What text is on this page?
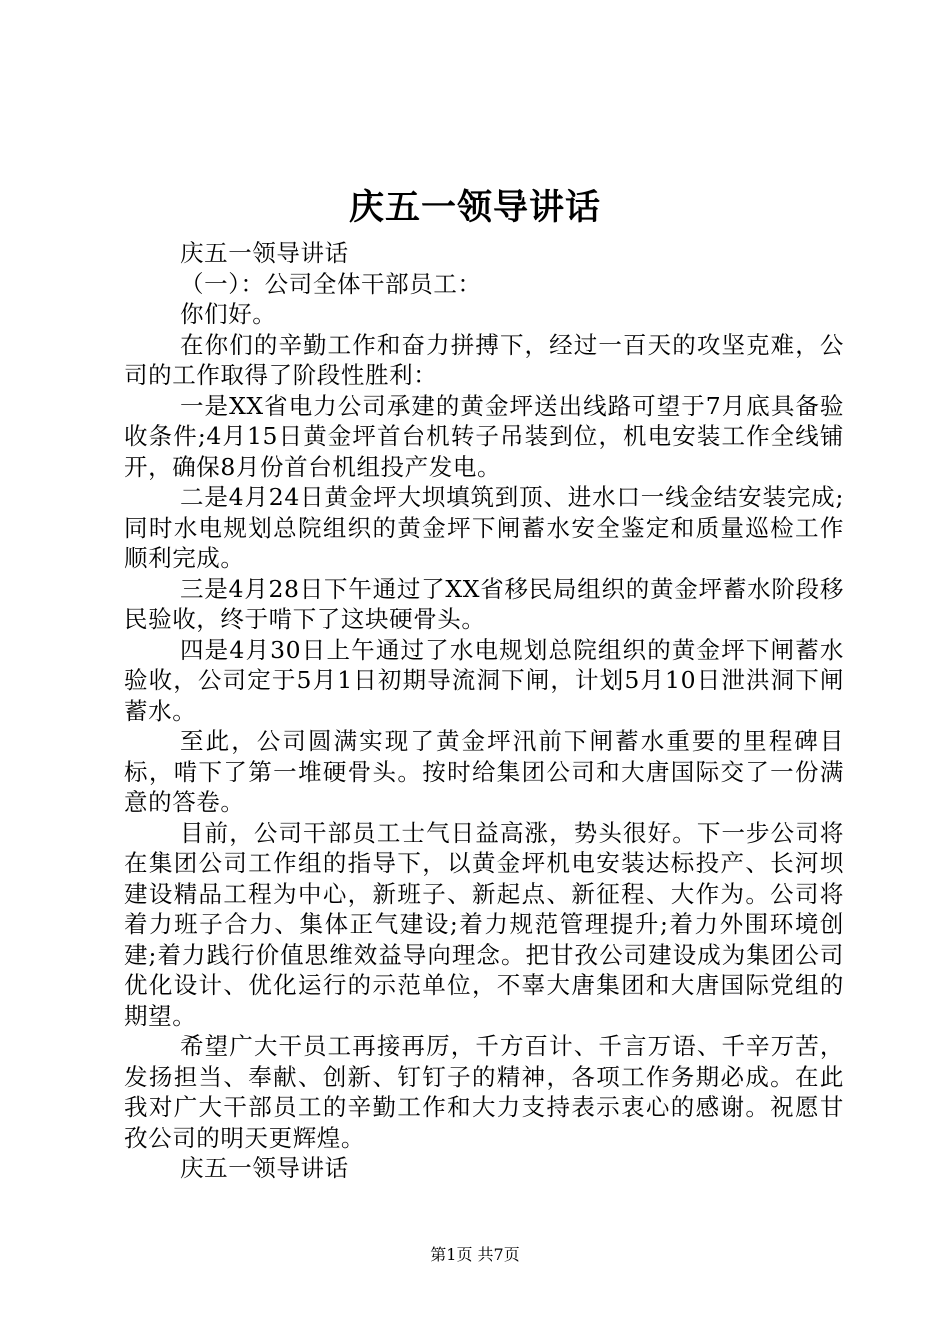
庆五一领导讲话

庆五一领导讲话

（一）：公司全体干部员工：

你们好。

在你们的辛勤工作和奋力拼搏下，经过一百天的攻坚克难，公司的工作取得了阶段性胜利：

一是XX省电力公司承建的黄金坪送出线路可望于7月底具备验收条件;4月15日黄金坪首台机转子吊装到位，机电安装工作全线铺开，确保8月份首台机组投产发电。

二是4月24日黄金坪大坝填筑到顶、进水口一线金结安装完成;同时水电规划总院组织的黄金坪下闸蓄水安全鉴定和质量巡检工作顺利完成。

三是4月28日下午通过了XX省移民局组织的黄金坪蓄水阶段移民验收，终于啃下了这块硬骨头。

四是4月30日上午通过了水电规划总院组织的黄金坪下闸蓄水验收，公司定于5月1日初期导流洞下闸，计划5月10日泄洪洞下闸蓄水。

至此，公司圆满实现了黄金坪汛前下闸蓄水重要的里程碑目标，啃下了第一堆硬骨头。按时给集团公司和大唐国际交了一份满意的答卷。

目前，公司干部员工士气日益高涨，势头很好。下一步公司将在集团公司工作组的指导下，以黄金坪机电安装达标投产、长河坝建设精品工程为中心，新班子、新起点、新征程、大作为。公司将着力班子合力、集体正气建设;着力规范管理提升;着力外围环境创建;着力践行价值思维效益导向理念。把甘孜公司建设成为集团公司优化设计、优化运行的示范单位，不辜大唐集团和大唐国际党组的期望。

希望广大干员工再接再厉，千方百计、千言万语、千辛万苦，发扬担当、奉献、创新、钉钉子的精神，各项工作务期必成。在此我对广大干部员工的辛勤工作和大力支持表示衷心的感谢。祝愿甘孜公司的明天更辉煌。

庆五一领导讲话

第1页 共7页
